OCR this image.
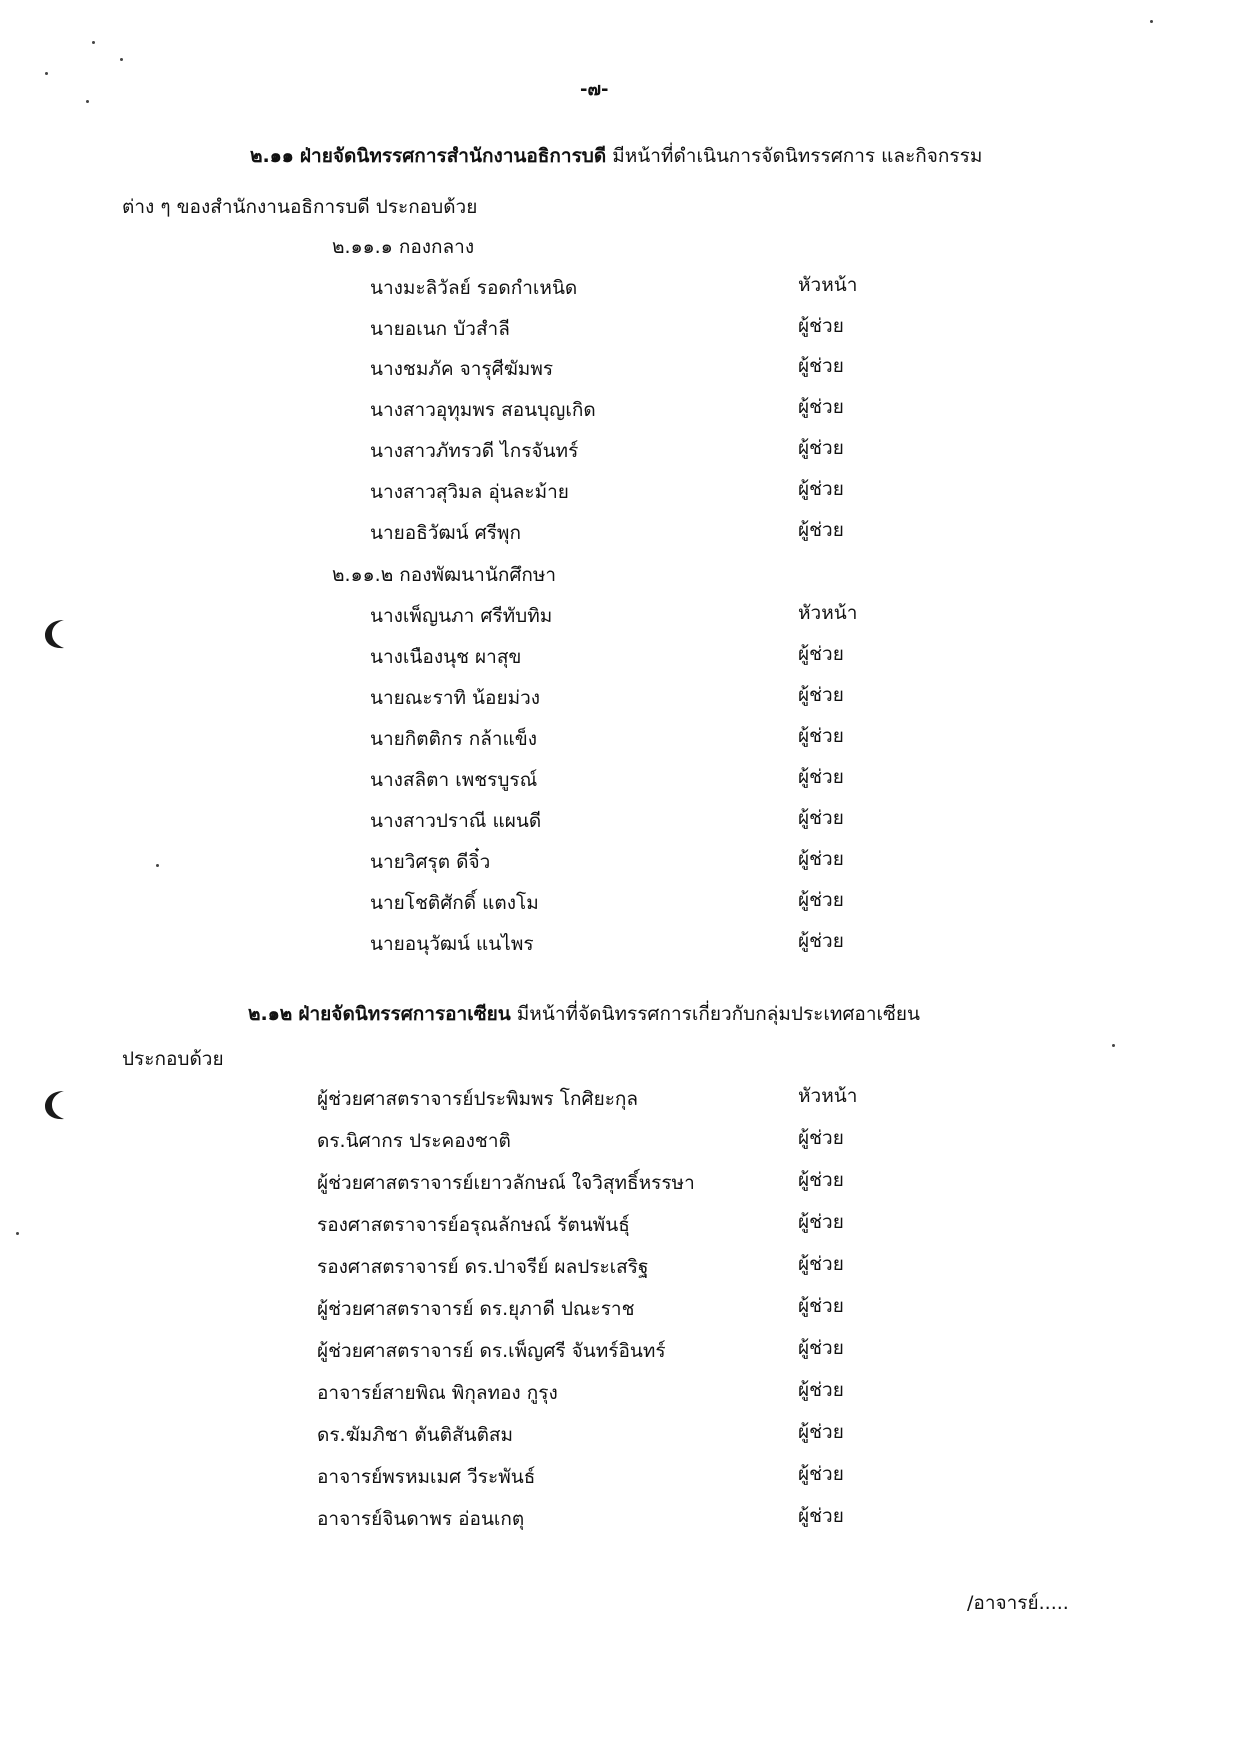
-๗-
๒.๑๑ ฝ่ายจัดนิทรรศการสำนักงานอธิการบดี มีหน้าที่ดำเนินการจัดนิทรรศการ และกิจกรรม
ต่าง ๆ ของสำนักงานอธิการบดี ประกอบด้วย
๒.๑๑.๑ กองกลาง
นางมะลิวัลย์ รอดกำเหนิด	หัวหน้า
นายอเนก บัวสำลี	ผู้ช่วย
นางชมภัค จารุศีฆัมพร	ผู้ช่วย
นางสาวอุทุมพร สอนบุญเกิด	ผู้ช่วย
นางสาวภัทรวดี ไกรจันทร์	ผู้ช่วย
นางสาวสุวิมล อุ่นละม้าย	ผู้ช่วย
นายอธิวัฒน์ ศรีพุก	ผู้ช่วย
๒.๑๑.๒ กองพัฒนานักศึกษา
นางเพ็ญนภา ศรีทับทิม	หัวหน้า
นางเนืองนุช ผาสุข	ผู้ช่วย
นายณะราทิ น้อยม่วง	ผู้ช่วย
นายกิตติกร กล้าแข็ง	ผู้ช่วย
นางสลิตา เพชรบูรณ์	ผู้ช่วย
นางสาวปราณี แผนดี	ผู้ช่วย
นายวิศรุต ดีจิ๋ว	ผู้ช่วย
นายโชติศักดิ์ แตงโม	ผู้ช่วย
นายอนุวัฒน์ แนไพร	ผู้ช่วย
๒.๑๒ ฝ่ายจัดนิทรรศการอาเซียน มีหน้าที่จัดนิทรรศการเกี่ยวกับกลุ่มประเทศอาเซียน
ประกอบด้วย
ผู้ช่วยศาสตราจารย์ประพิมพร โกศิยะกุล	หัวหน้า
ดร.นิศากร ประคองชาติ	ผู้ช่วย
ผู้ช่วยศาสตราจารย์เยาวลักษณ์ ใจวิสุทธิ์หรรษา	ผู้ช่วย
รองศาสตราจารย์อรุณลักษณ์ รัตนพันธุ์	ผู้ช่วย
รองศาสตราจารย์ ดร.ปาจรีย์ ผลประเสริฐ	ผู้ช่วย
ผู้ช่วยศาสตราจารย์ ดร.ยุภาดี ปณะราช	ผู้ช่วย
ผู้ช่วยศาสตราจารย์ ดร.เพ็ญศรี จันทร์อินทร์	ผู้ช่วย
อาจารย์สายพิณ พิกุลทอง กูรุง	ผู้ช่วย
ดร.ฆัมภิชา ตันติสันติสม	ผู้ช่วย
อาจารย์พรหมเมศ วีระพันธ์	ผู้ช่วย
อาจารย์จินดาพร อ่อนเกตุ	ผู้ช่วย
/อาจารย์.....
